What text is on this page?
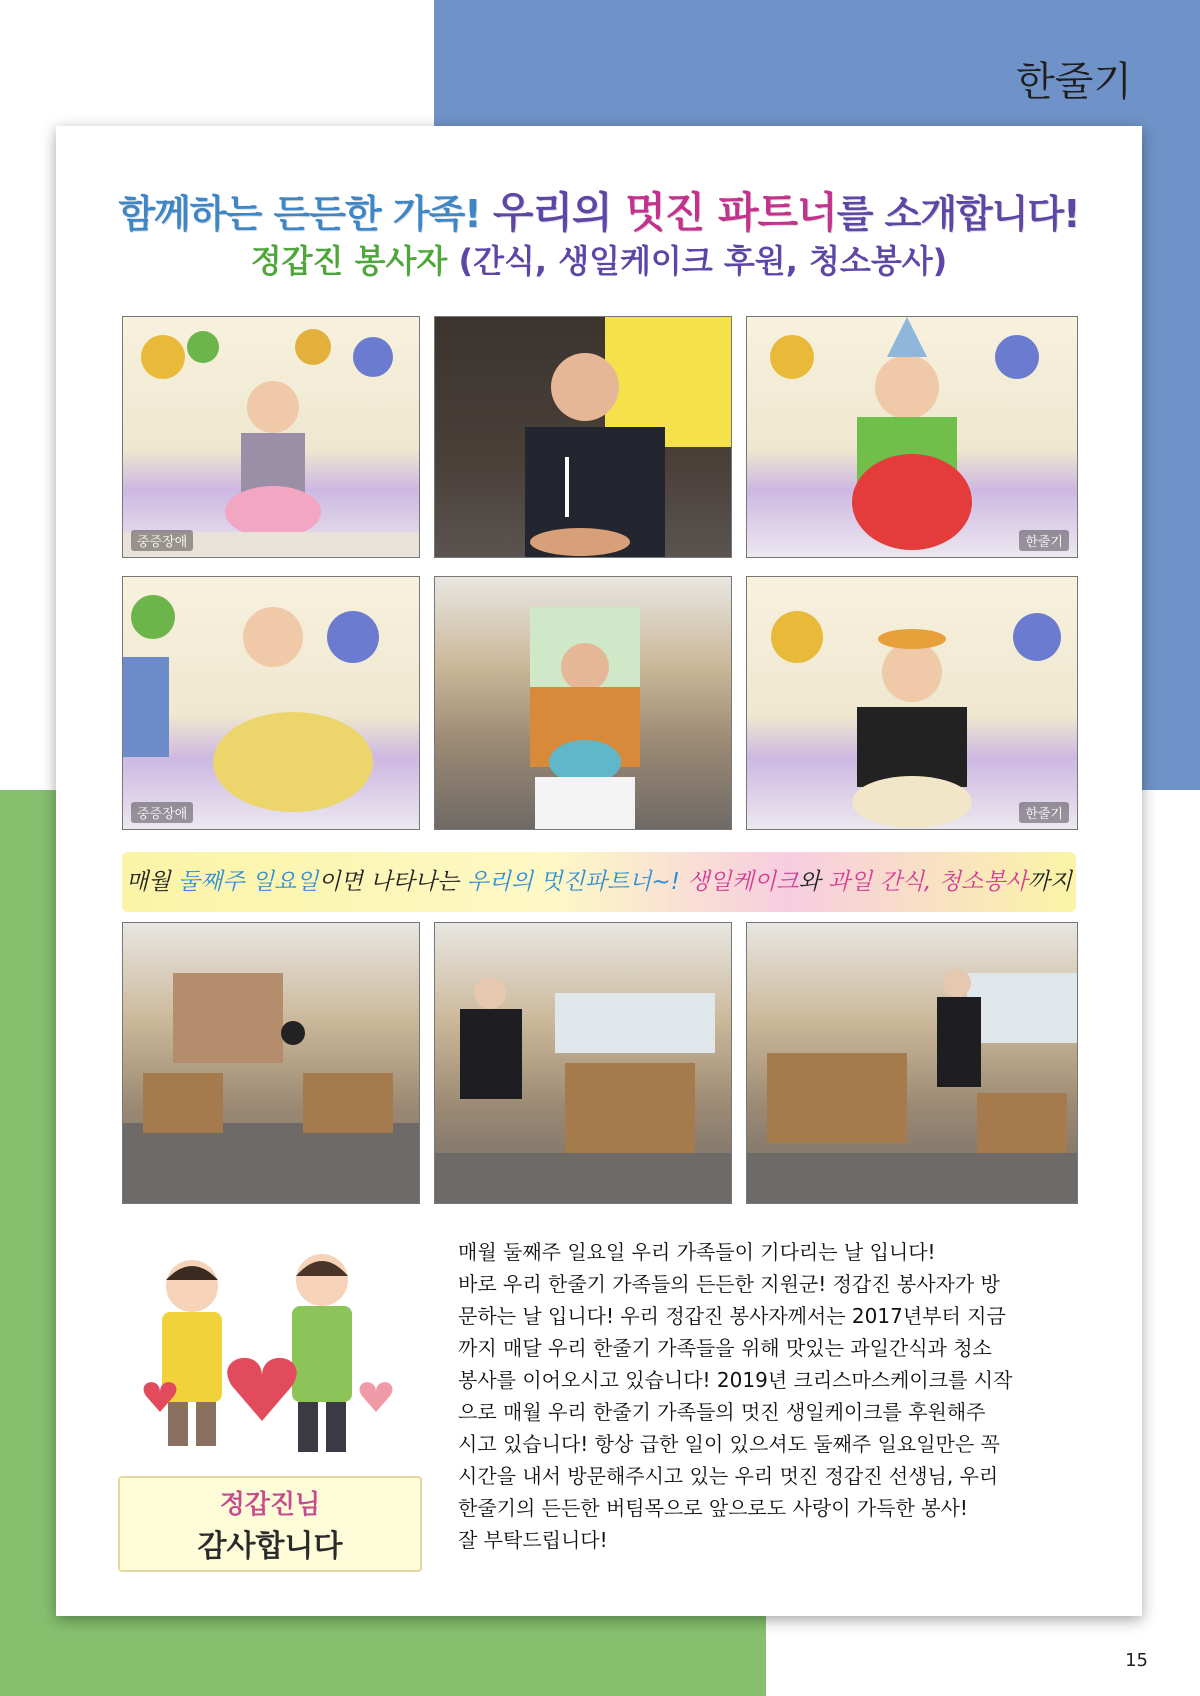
한줄기
함께하는 든든한 가족! 우리의 멋진 파트너를 소개합니다!
정갑진 봉사자 (간식, 생일케이크 후원, 청소봉사)
중증장애	한줄기
중증장애	한줄기
매월 둘째주 일요일이면 나타나는 우리의 멋진파트너~! 생일케이크와 과일 간식, 청소봉사까지
정갑진님
감사합니다

매월 둘째주 일요일 우리 가족들이 기다리는 날 입니다!

바로 우리 한줄기 가족들의 든든한 지원군! 정갑진 봉사자가 방

문하는 날 입니다! 우리 정갑진 봉사자께서는 2017년부터 지금

까지 매달 우리 한줄기 가족들을 위해 맛있는 과일간식과 청소

봉사를 이어오시고 있습니다! 2019년 크리스마스케이크를 시작

으로 매월 우리 한줄기 가족들의 멋진 생일케이크를 후원해주

시고 있습니다! 항상 급한 일이 있으셔도 둘째주 일요일만은 꼭

시간을 내서 방문해주시고 있는 우리 멋진 정갑진 선생님, 우리

한줄기의 든든한 버팀목으로 앞으로도 사랑이 가득한 봉사!

잘 부탁드립니다!

15
